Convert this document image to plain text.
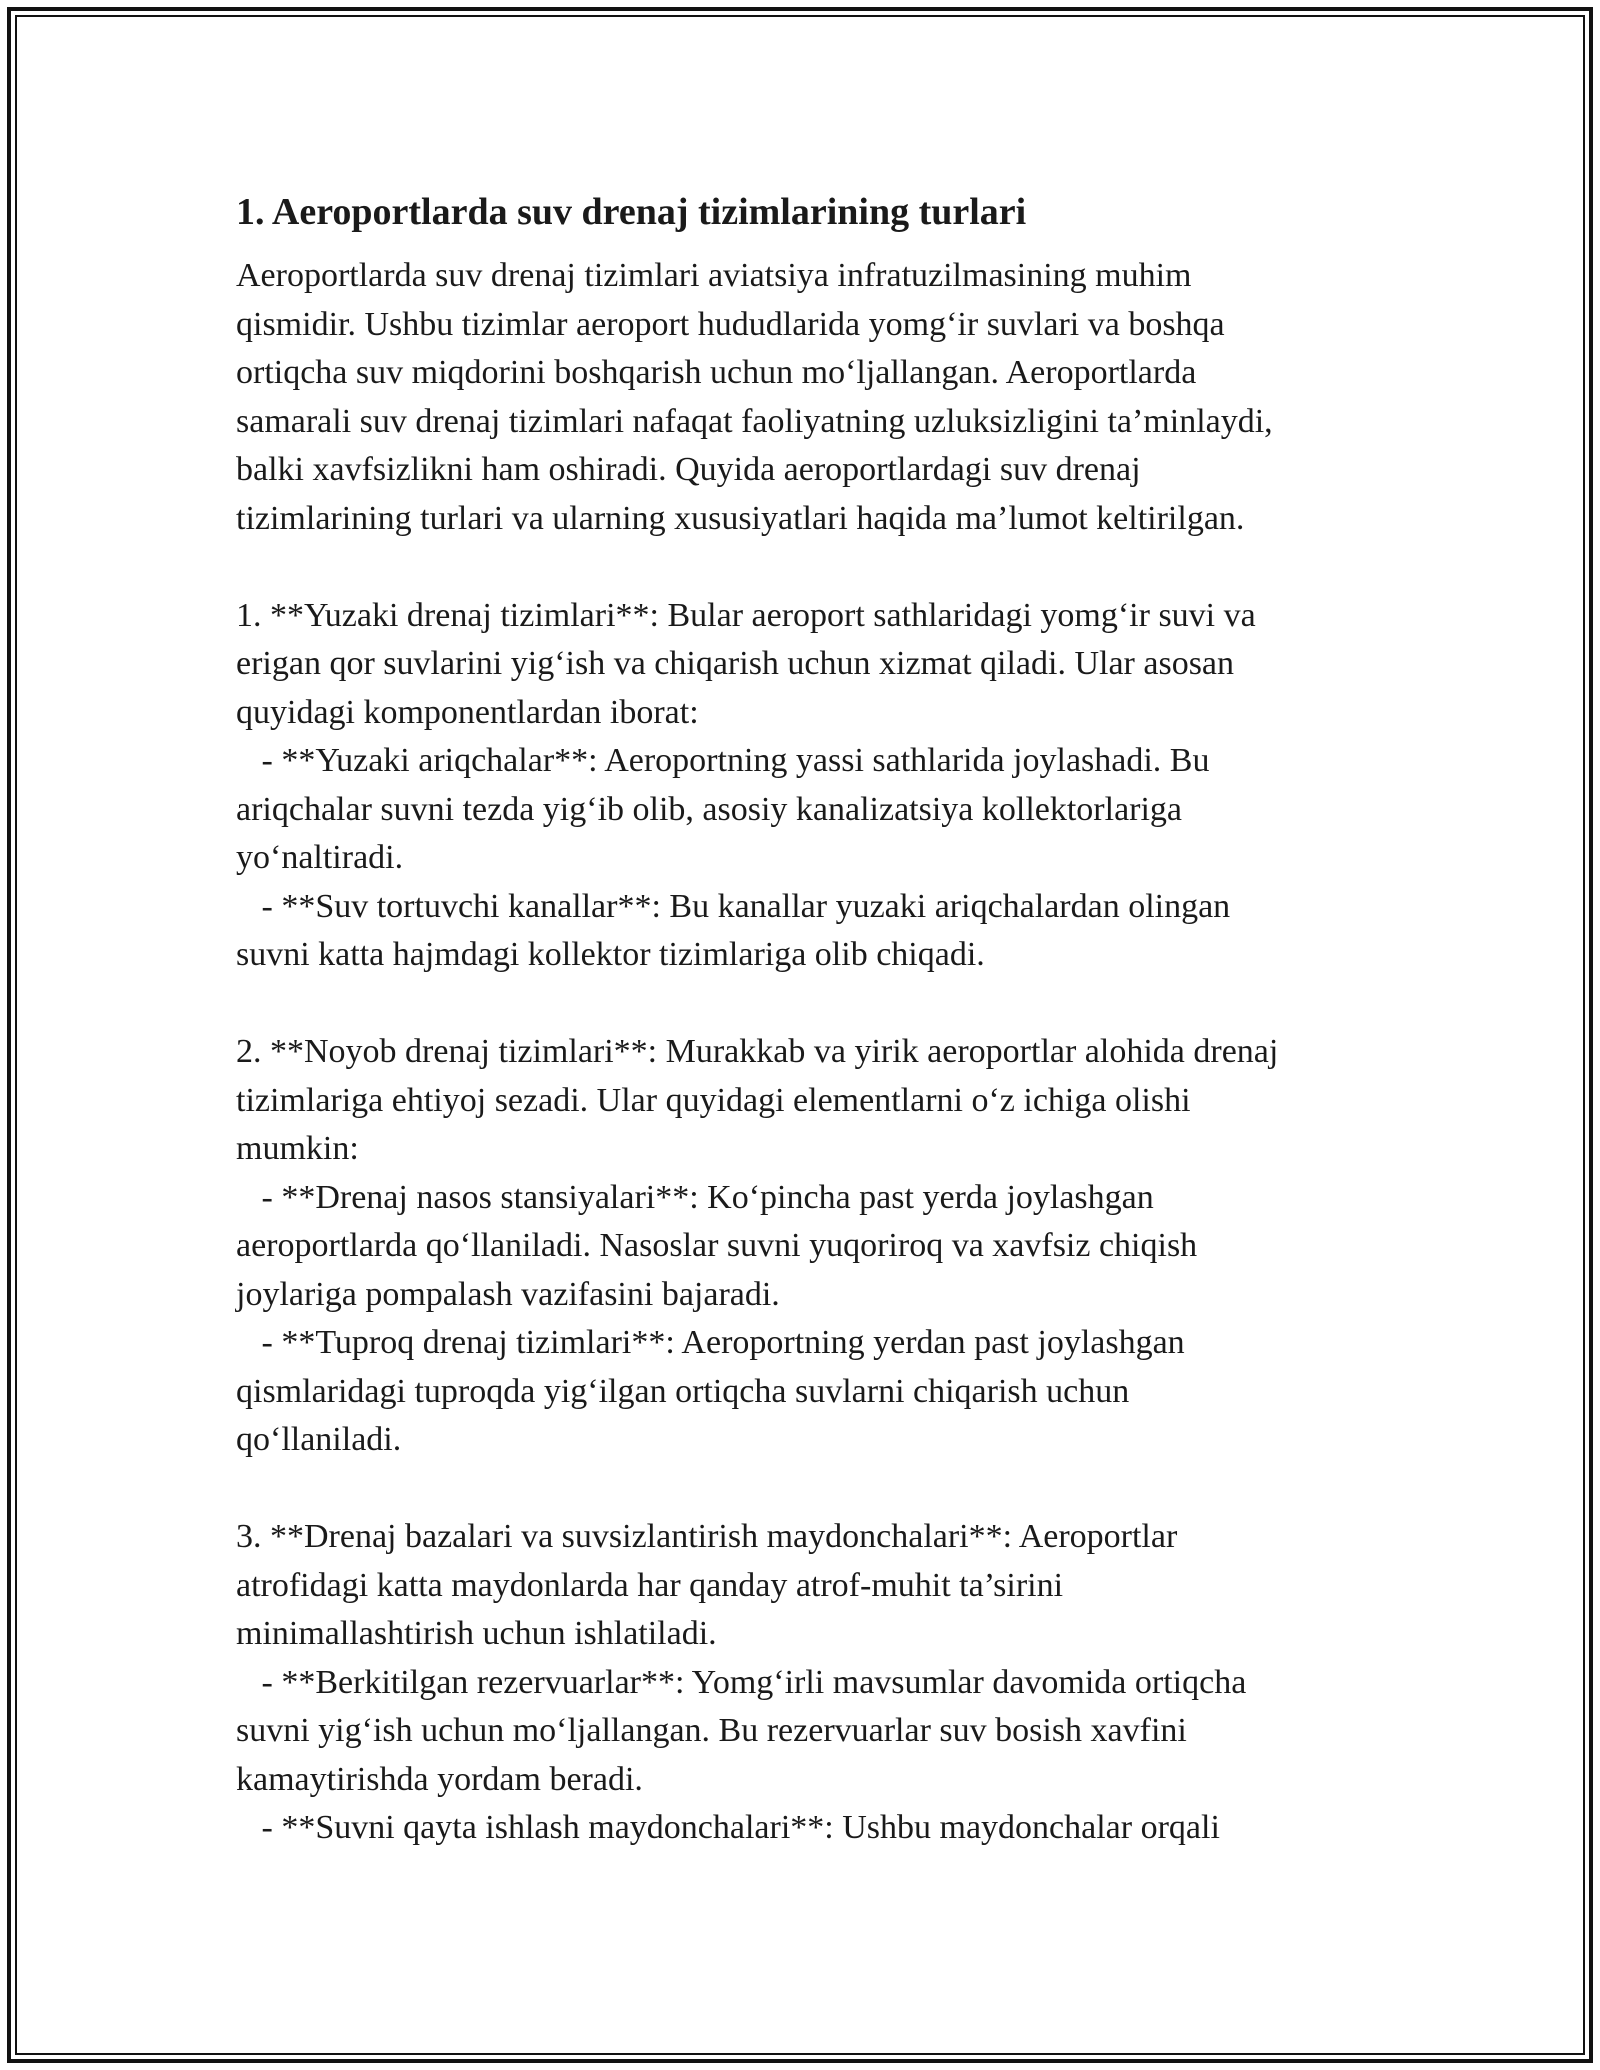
1. Aeroportlarda suv drenaj tizimlarining turlari
Aeroportlarda suv drenaj tizimlari aviatsiya infratuzilmasining muhim
qismidir. Ushbu tizimlar aeroport hududlarida yomg‘ir suvlari va boshqa
ortiqcha suv miqdorini boshqarish uchun mo‘ljallangan. Aeroportlarda
samarali suv drenaj tizimlari nafaqat faoliyatning uzluksizligini ta’minlaydi,
balki xavfsizlikni ham oshiradi. Quyida aeroportlardagi suv drenaj
tizimlarining turlari va ularning xususiyatlari haqida ma’lumot keltirilgan.
1. **Yuzaki drenaj tizimlari**: Bular aeroport sathlaridagi yomg‘ir suvi va
erigan qor suvlarini yig‘ish va chiqarish uchun xizmat qiladi. Ular asosan
quyidagi komponentlardan iborat:
- **Yuzaki ariqchalar**: Aeroportning yassi sathlarida joylashadi. Bu
ariqchalar suvni tezda yig‘ib olib, asosiy kanalizatsiya kollektorlariga
yo‘naltiradi.
- **Suv tortuvchi kanallar**: Bu kanallar yuzaki ariqchalardan olingan
suvni katta hajmdagi kollektor tizimlariga olib chiqadi.
2. **Noyob drenaj tizimlari**: Murakkab va yirik aeroportlar alohida drenaj
tizimlariga ehtiyoj sezadi. Ular quyidagi elementlarni o‘z ichiga olishi
mumkin:
- **Drenaj nasos stansiyalari**: Ko‘pincha past yerda joylashgan
aeroportlarda qo‘llaniladi. Nasoslar suvni yuqoriroq va xavfsiz chiqish
joylariga pompalash vazifasini bajaradi.
- **Tuproq drenaj tizimlari**: Aeroportning yerdan past joylashgan
qismlaridagi tuproqda yig‘ilgan ortiqcha suvlarni chiqarish uchun
qo‘llaniladi.
3. **Drenaj bazalari va suvsizlantirish maydonchalari**: Aeroportlar
atrofidagi katta maydonlarda har qanday atrof-muhit ta’sirini
minimallashtirish uchun ishlatiladi.
- **Berkitilgan rezervuarlar**: Yomg‘irli mavsumlar davomida ortiqcha
suvni yig‘ish uchun mo‘ljallangan. Bu rezervuarlar suv bosish xavfini
kamaytirishda yordam beradi.
- **Suvni qayta ishlash maydonchalari**: Ushbu maydonchalar orqali
